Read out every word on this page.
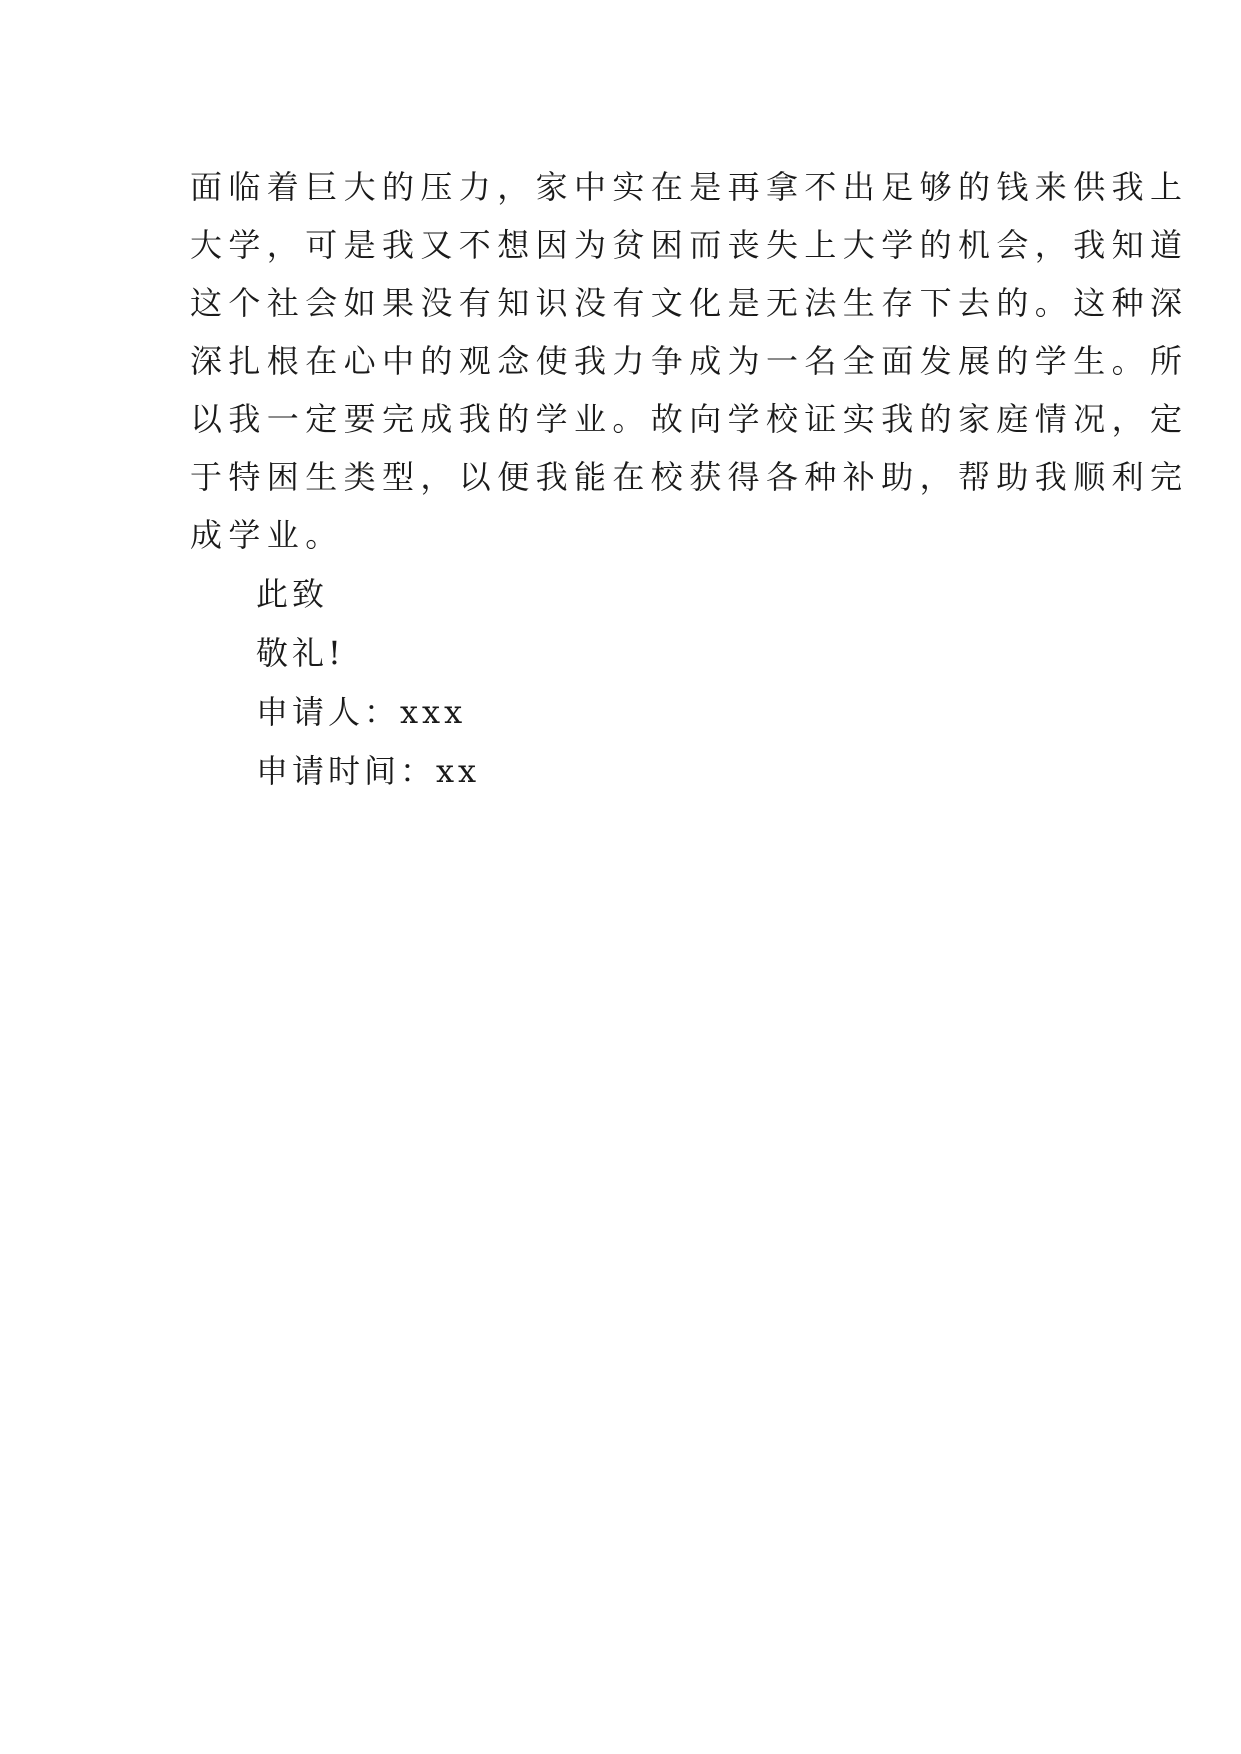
面临着巨大的压力，家中实在是再拿不出足够的钱来供我上
大学，可是我又不想因为贫困而丧失上大学的机会，我知道
这个社会如果没有知识没有文化是无法生存下去的。这种深
深扎根在心中的观念使我力争成为一名全面发展的学生。所
以我一定要完成我的学业。故向学校证实我的家庭情况，定
于特困生类型，以便我能在校获得各种补助，帮助我顺利完
成学业。
此致
敬礼!
申请人：xxx
申请时间：xx
